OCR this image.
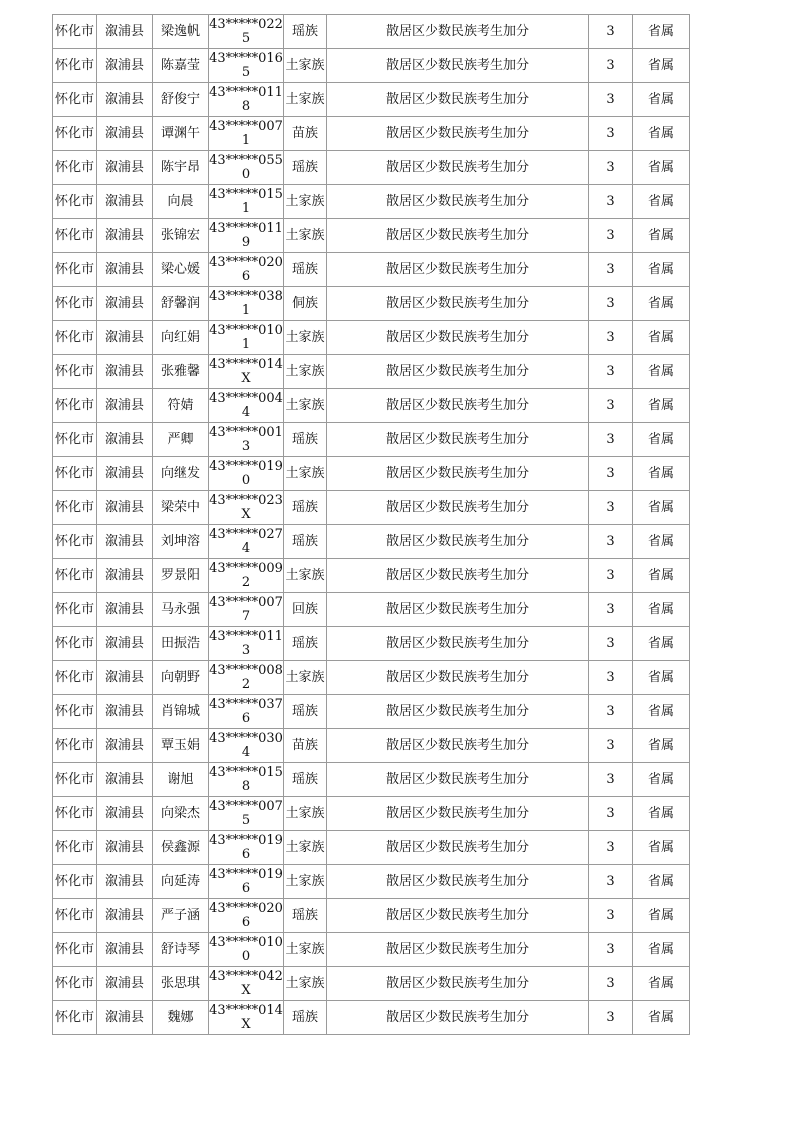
怀化市	溆浦县	梁逸帆	43*****0225	瑶族	散居区少数民族考生加分	3	省属
怀化市	溆浦县	陈嘉莹	43*****0165	土家族	散居区少数民族考生加分	3	省属
怀化市	溆浦县	舒俊宁	43*****0118	土家族	散居区少数民族考生加分	3	省属
怀化市	溆浦县	谭渊午	43*****0071	苗族	散居区少数民族考生加分	3	省属
怀化市	溆浦县	陈宇昂	43*****0550	瑶族	散居区少数民族考生加分	3	省属
怀化市	溆浦县	向晨	43*****0151	土家族	散居区少数民族考生加分	3	省属
怀化市	溆浦县	张锦宏	43*****0119	土家族	散居区少数民族考生加分	3	省属
怀化市	溆浦县	梁心媛	43*****0206	瑶族	散居区少数民族考生加分	3	省属
怀化市	溆浦县	舒馨润	43*****0381	侗族	散居区少数民族考生加分	3	省属
怀化市	溆浦县	向红娟	43*****0101	土家族	散居区少数民族考生加分	3	省属
怀化市	溆浦县	张雅馨	43*****014X	土家族	散居区少数民族考生加分	3	省属
怀化市	溆浦县	符婧	43*****0044	土家族	散居区少数民族考生加分	3	省属
怀化市	溆浦县	严卿	43*****0013	瑶族	散居区少数民族考生加分	3	省属
怀化市	溆浦县	向继发	43*****0190	土家族	散居区少数民族考生加分	3	省属
怀化市	溆浦县	梁荣中	43*****023X	瑶族	散居区少数民族考生加分	3	省属
怀化市	溆浦县	刘坤溶	43*****0274	瑶族	散居区少数民族考生加分	3	省属
怀化市	溆浦县	罗景阳	43*****0092	土家族	散居区少数民族考生加分	3	省属
怀化市	溆浦县	马永强	43*****0077	回族	散居区少数民族考生加分	3	省属
怀化市	溆浦县	田振浩	43*****0113	瑶族	散居区少数民族考生加分	3	省属
怀化市	溆浦县	向朝野	43*****0082	土家族	散居区少数民族考生加分	3	省属
怀化市	溆浦县	肖锦城	43*****0376	瑶族	散居区少数民族考生加分	3	省属
怀化市	溆浦县	覃玉娟	43*****0304	苗族	散居区少数民族考生加分	3	省属
怀化市	溆浦县	谢旭	43*****0158	瑶族	散居区少数民族考生加分	3	省属
怀化市	溆浦县	向梁杰	43*****0075	土家族	散居区少数民族考生加分	3	省属
怀化市	溆浦县	侯鑫源	43*****0196	土家族	散居区少数民族考生加分	3	省属
怀化市	溆浦县	向延涛	43*****0196	土家族	散居区少数民族考生加分	3	省属
怀化市	溆浦县	严子涵	43*****0206	瑶族	散居区少数民族考生加分	3	省属
怀化市	溆浦县	舒诗琴	43*****0100	土家族	散居区少数民族考生加分	3	省属
怀化市	溆浦县	张思琪	43*****042X	土家族	散居区少数民族考生加分	3	省属
怀化市	溆浦县	魏娜	43*****014X	瑶族	散居区少数民族考生加分	3	省属
